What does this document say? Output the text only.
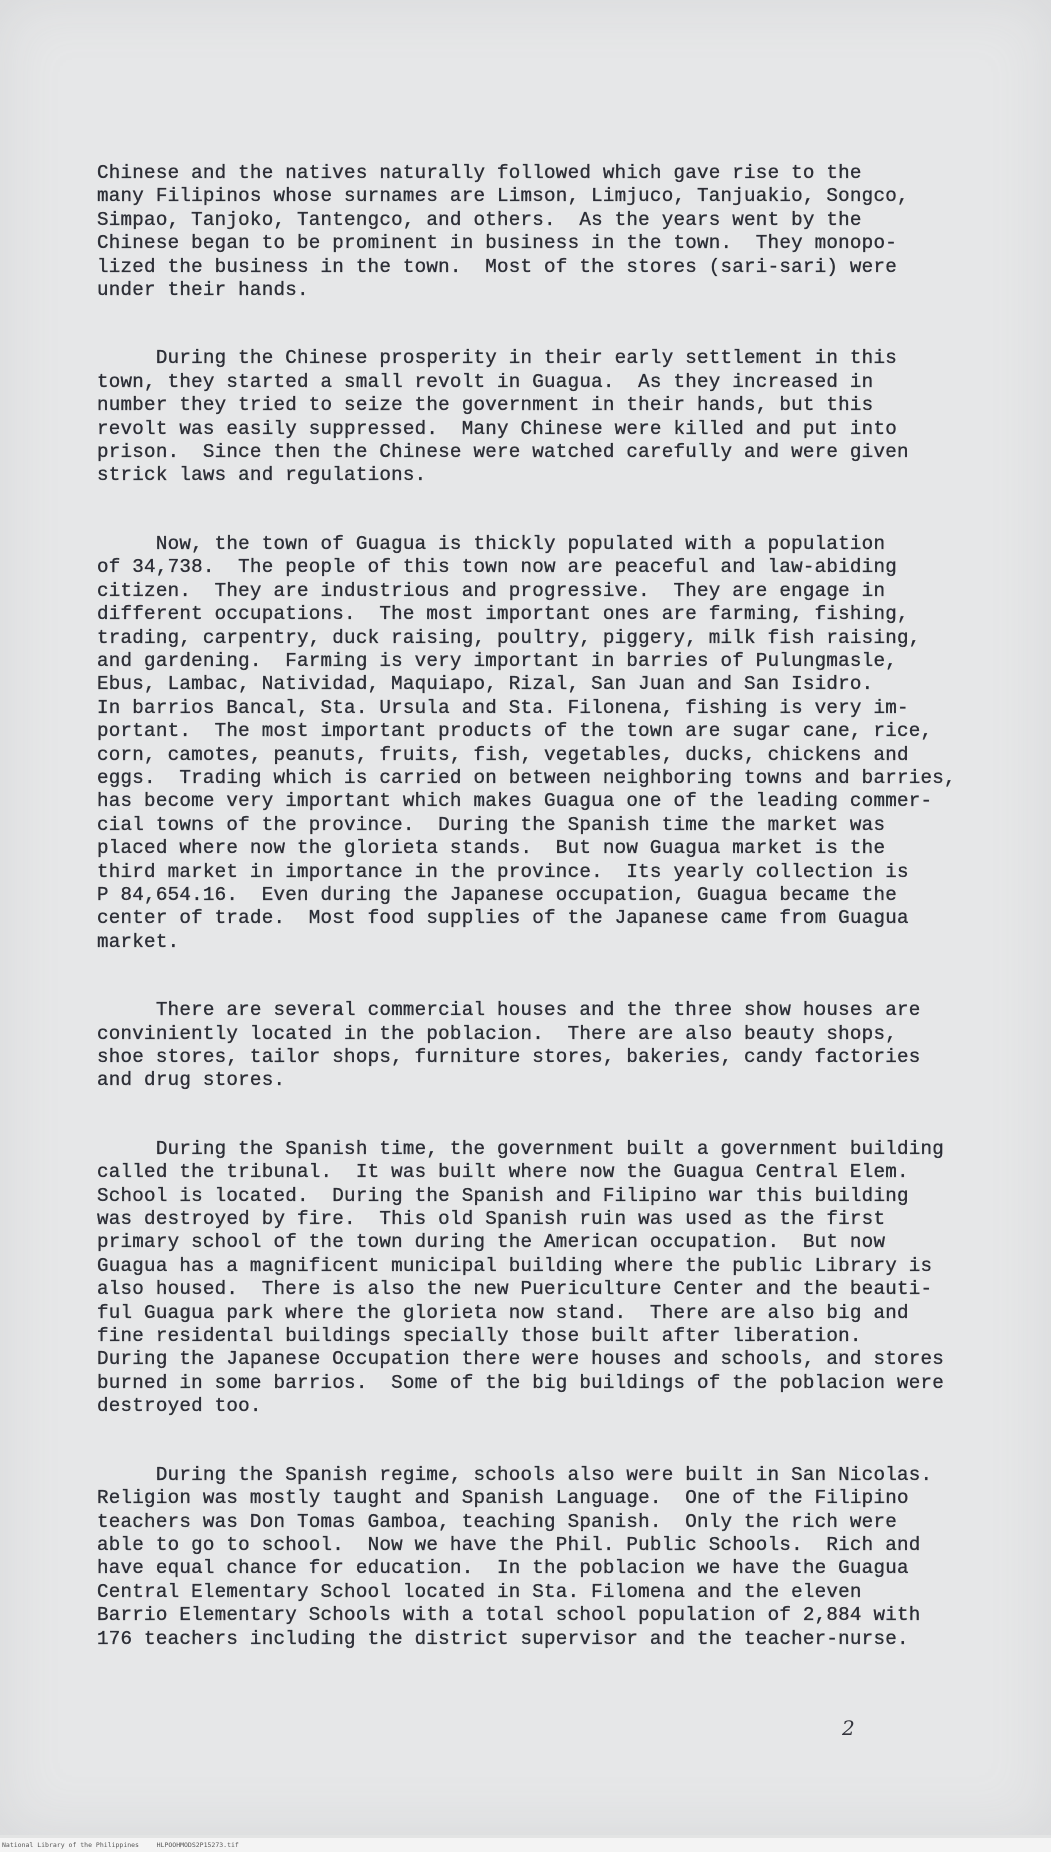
Chinese and the natives naturally followed which gave rise to the
many Filipinos whose surnames are Limson, Limjuco, Tanjuakio, Songco,
Simpao, Tanjoko, Tantengco, and others.  As the years went by the
Chinese began to be prominent in business in the town.  They monopo-
lized the business in the town.  Most of the stores (sari-sari) were
under their hands.
During the Chinese prosperity in their early settlement in this
town, they started a small revolt in Guagua.  As they increased in
number they tried to seize the government in their hands, but this
revolt was easily suppressed.  Many Chinese were killed and put into
prison.  Since then the Chinese were watched carefully and were given
strick laws and regulations.
Now, the town of Guagua is thickly populated with a population
of 34,738.  The people of this town now are peaceful and law-abiding
citizen.  They are industrious and progressive.  They are engage in
different occupations.  The most important ones are farming, fishing,
trading, carpentry, duck raising, poultry, piggery, milk fish raising,
and gardening.  Farming is very important in barries of Pulungmasle,
Ebus, Lambac, Natividad, Maquiapo, Rizal, San Juan and San Isidro.
In barrios Bancal, Sta. Ursula and Sta. Filonena, fishing is very im-
portant.  The most important products of the town are sugar cane, rice,
corn, camotes, peanuts, fruits, fish, vegetables, ducks, chickens and
eggs.  Trading which is carried on between neighboring towns and barries,
has become very important which makes Guagua one of the leading commer-
cial towns of the province.  During the Spanish time the market was
placed where now the glorieta stands.  But now Guagua market is the
third market in importance in the province.  Its yearly collection is
P 84,654.16.  Even during the Japanese occupation, Guagua became the
center of trade.  Most food supplies of the Japanese came from Guagua
market.
There are several commercial houses and the three show houses are
conviniently located in the poblacion.  There are also beauty shops,
shoe stores, tailor shops, furniture stores, bakeries, candy factories
and drug stores.
During the Spanish time, the government built a government building
called the tribunal.  It was built where now the Guagua Central Elem.
School is located.  During the Spanish and Filipino war this building
was destroyed by fire.  This old Spanish ruin was used as the first
primary school of the town during the American occupation.  But now
Guagua has a magnificent municipal building where the public Library is
also housed.  There is also the new Puericulture Center and the beauti-
ful Guagua park where the glorieta now stand.  There are also big and
fine residental buildings specially those built after liberation.
During the Japanese Occupation there were houses and schools, and stores
burned in some barrios.  Some of the big buildings of the poblacion were
destroyed too.
During the Spanish regime, schools also were built in San Nicolas.
Religion was mostly taught and Spanish Language.  One of the Filipino
teachers was Don Tomas Gamboa, teaching Spanish.  Only the rich were
able to go to school.  Now we have the Phil. Public Schools.  Rich and
have equal chance for education.  In the poblacion we have the Guagua
Central Elementary School located in Sta. Filomena and the eleven
Barrio Elementary Schools with a total school population of 2,884 with
176 teachers including the district supervisor and the teacher-nurse.
2
National Library of the Philippines	HLPOOHMODS2P15273.tif
